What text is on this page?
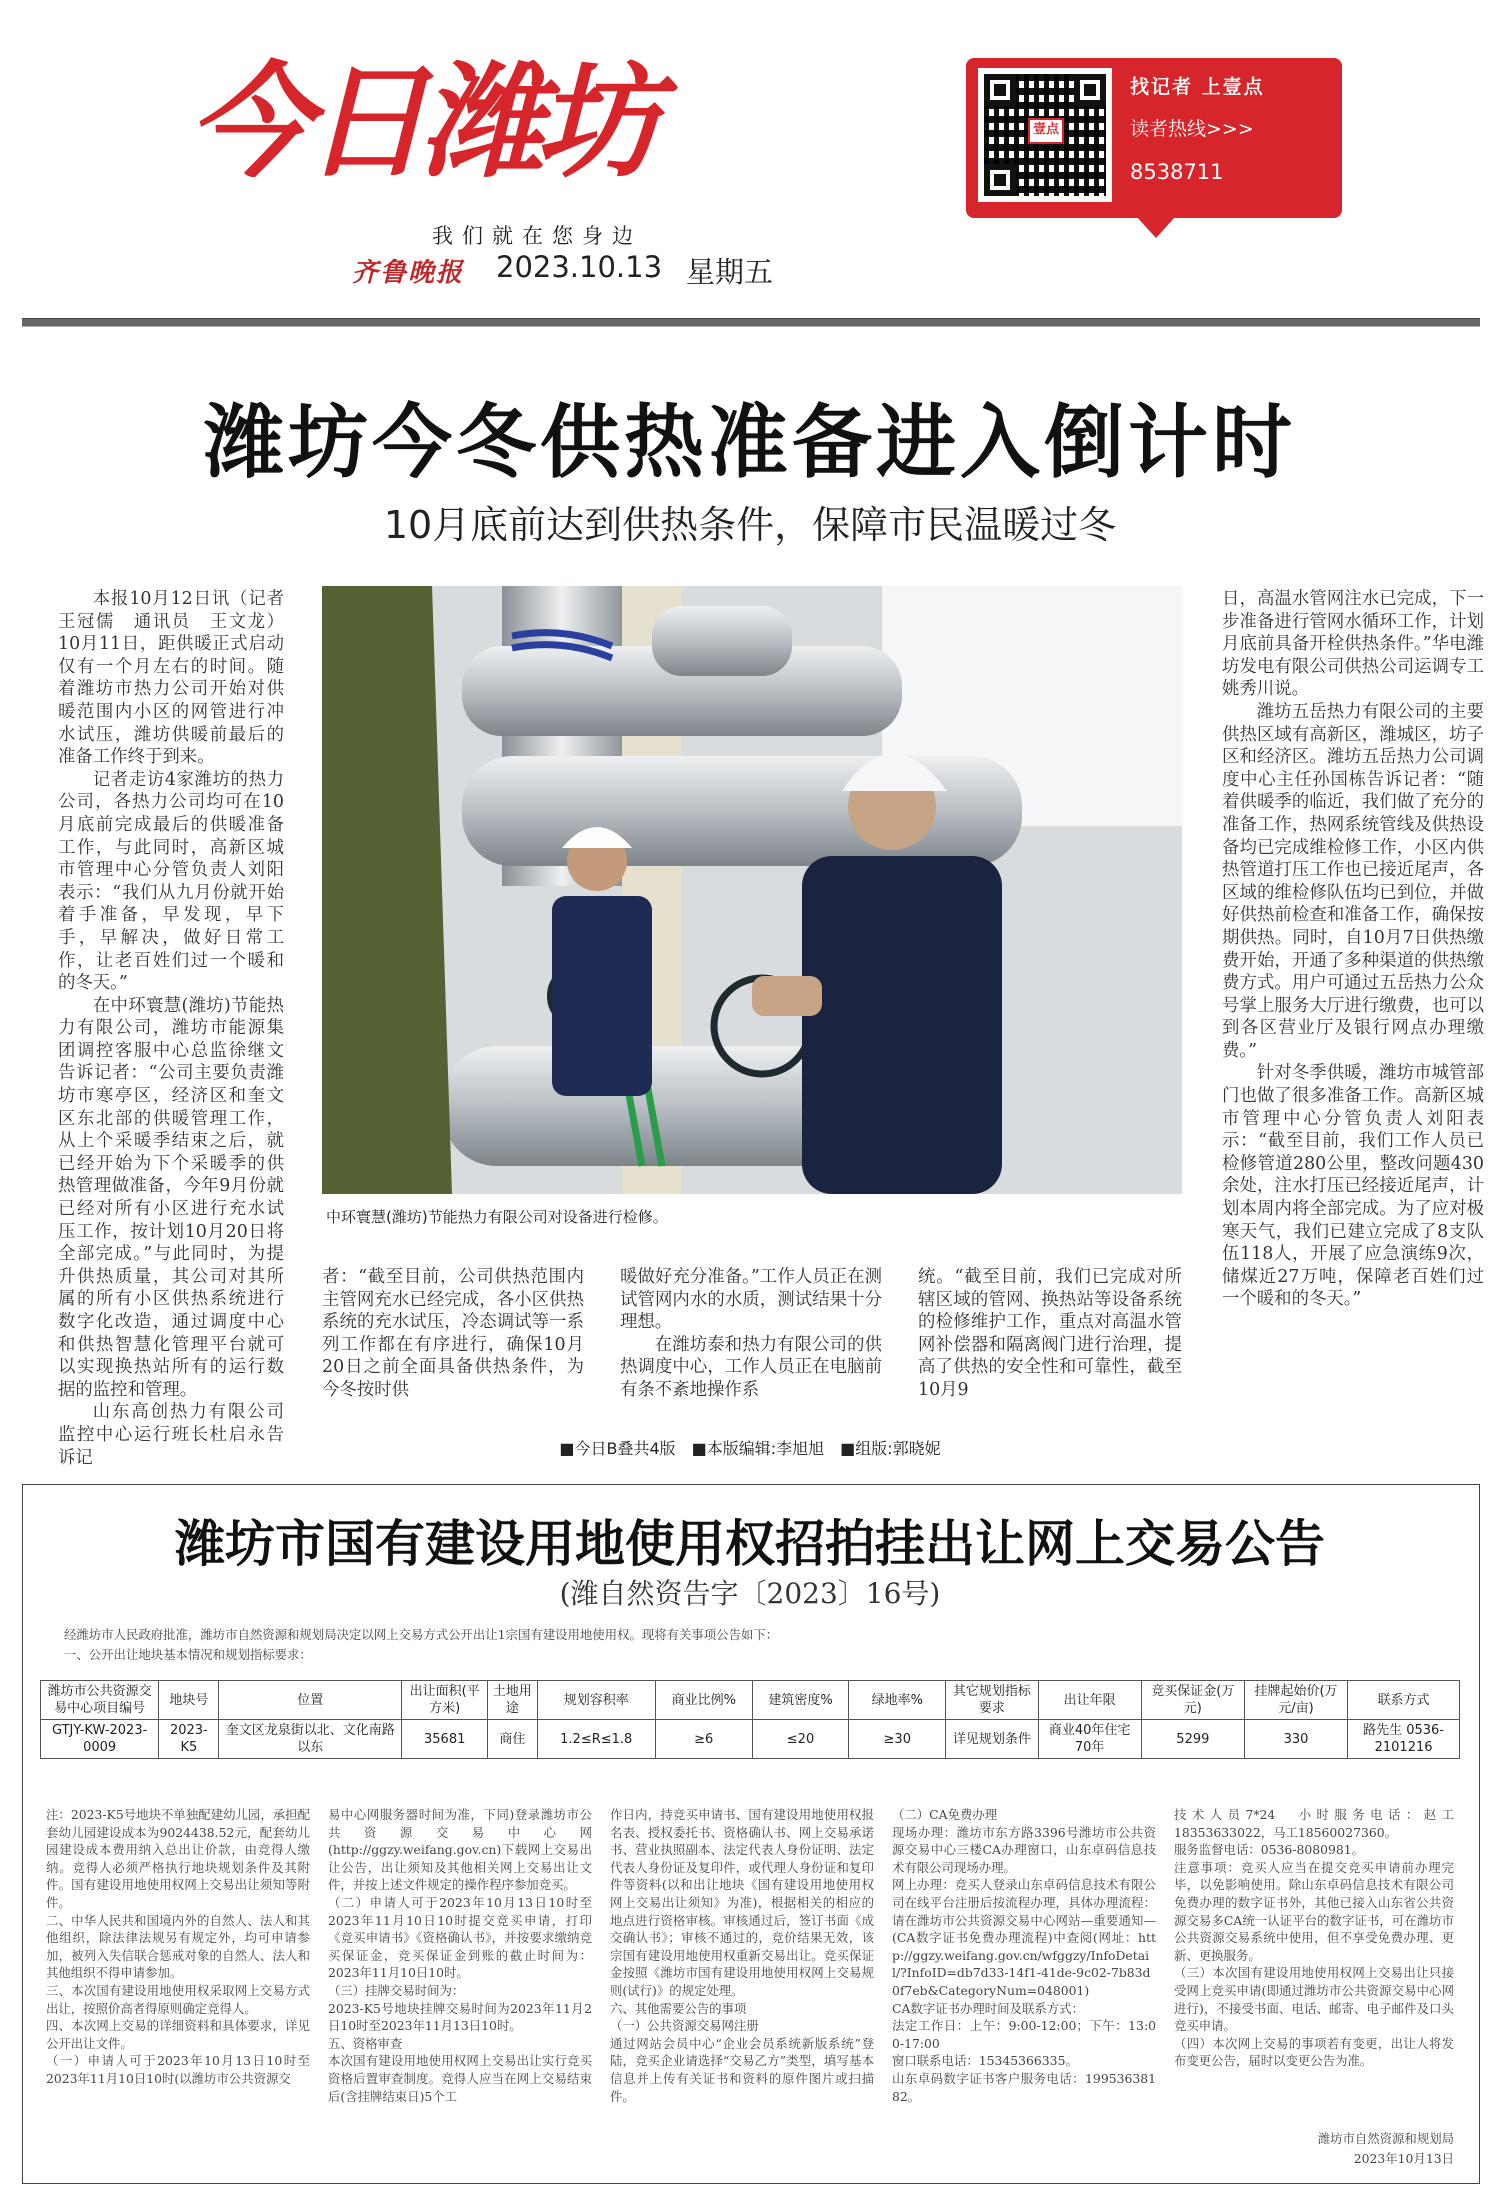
今日潍坊
我们就在您身边
齐鲁晚报 2023.10.13 星期五
壹点
找记者 上壹点
读者热线>>>
8538711
潍坊今冬供热准备进入倒计时
10月底前达到供热条件，保障市民温暖过冬

本报10月12日讯（记者　王冠儒　通讯员　王文龙）10月11日，距供暖正式启动仅有一个月左右的时间。随着潍坊市热力公司开始对供暖范围内小区的网管进行冲水试压，潍坊供暖前最后的准备工作终于到来。

记者走访4家潍坊的热力公司，各热力公司均可在10月底前完成最后的供暖准备工作，与此同时，高新区城市管理中心分管负责人刘阳表示：“我们从九月份就开始着手准备，早发现，早下手，早解决，做好日常工作，让老百姓们过一个暖和的冬天。”

在中环寰慧(潍坊)节能热力有限公司，潍坊市能源集团调控客服中心总监徐继文告诉记者：“公司主要负责潍坊市寒亭区，经济区和奎文区东北部的供暖管理工作，从上个采暖季结束之后，就已经开始为下个采暖季的供热管理做准备，今年9月份就已经对所有小区进行充水试压工作，按计划10月20日将全部完成。”与此同时，为提升供热质量，其公司对其所属的所有小区供热系统进行数字化改造，通过调度中心和供热智慧化管理平台就可以实现换热站所有的运行数据的监控和管理。

山东高创热力有限公司监控中心运行班长杜启永告诉记

中环寰慧(潍坊)节能热力有限公司对设备进行检修。
者：“截至目前，公司供热范围内主管网充水已经完成，各小区供热系统的充水试压，冷态调试等一系列工作都在有序进行，确保10月20日之前全面具备供热条件，为今冬按时供
暖做好充分准备。”工作人员正在测试管网内水的水质，测试结果十分理想。

在潍坊泰和热力有限公司的供热调度中心，工作人员正在电脑前有条不紊地操作系

统。“截至目前，我们已完成对所辖区域的管网、换热站等设备系统的检修维护工作，重点对高温水管网补偿器和隔离阀门进行治理，提高了供热的安全性和可靠性，截至10月9
日，高温水管网注水已完成，下一步准备进行管网水循环工作，计划月底前具备开栓供热条件。”华电潍坊发电有限公司供热公司运调专工姚秀川说。

潍坊五岳热力有限公司的主要供热区域有高新区，潍城区，坊子区和经济区。潍坊五岳热力公司调度中心主任孙国栋告诉记者：“随着供暖季的临近，我们做了充分的准备工作，热网系统管线及供热设备均已完成维检修工作，小区内供热管道打压工作也已接近尾声，各区域的维检修队伍均已到位，并做好供热前检查和准备工作，确保按期供热。同时，自10月7日供热缴费开始，开通了多种渠道的供热缴费方式。用户可通过五岳热力公众号掌上服务大厅进行缴费，也可以到各区营业厅及银行网点办理缴费。”

针对冬季供暖，潍坊市城管部门也做了很多准备工作。高新区城市管理中心分管负责人刘阳表示：“截至目前，我们工作人员已检修管道280公里，整改问题430余处，注水打压已经接近尾声，计划本周内将全部完成。为了应对极寒天气，我们已建立完成了8支队伍118人，开展了应急演练9次，储煤近27万吨，保障老百姓们过一个暖和的冬天。”

■今日B叠共4版　■本版编辑:李旭旭　■组版:郭晓妮
潍坊市国有建设用地使用权招拍挂出让网上交易公告
(潍自然资告字〔2023〕16号)
经潍坊市人民政府批准，潍坊市自然资源和规划局决定以网上交易方式公开出让1宗国有建设用地使用权。现将有关事项公告如下：
一、公开出让地块基本情况和规划指标要求：
潍坊市公共资源交易中心项目编号	地块号	位置	出让面积(平方米)	土地用途	规划容积率	商业比例%	建筑密度%	绿地率%	其它规划指标要求	出让年限	竞买保证金(万元)	挂牌起始价(万元/亩)	联系方式
GTJY-KW-2023-0009	2023-K5	奎文区龙泉街以北、文化南路以东	35681	商住	1.2≤R≤1.8	≥6	≤20	≥30	详见规划条件	商业40年住宅70年	5299	330	路先生 0536-2101216
注：2023-K5号地块不单独配建幼儿园，承担配套幼儿园建设成本为9024438.52元，配套幼儿园建设成本费用纳入总出让价款，由竞得人缴纳。竞得人必须严格执行地块规划条件及其附件。国有建设用地使用权网上交易出让须知等附件。
二、中华人民共和国境内外的自然人、法人和其他组织，除法律法规另有规定外，均可申请参加，被列入失信联合惩戒对象的自然人、法人和其他组织不得申请参加。
三、本次国有建设用地使用权采取网上交易方式出让，按照价高者得原则确定竞得人。
四、本次网上交易的详细资料和具体要求，详见公开出让文件。
（一）申请人可于2023年10月13日10时至2023年11月10日10时(以潍坊市公共资源交
易中心网服务器时间为准，下同)登录潍坊市公共资源交易中心网(http://ggzy.weifang.gov.cn)下载网上交易出让公告，出让须知及其他相关网上交易出让文件，并按上述文件规定的操作程序参加竞买。
（二）申请人可于2023年10月13日10时至2023年11月10日10时提交竞买申请，打印《竞买申请书》《资格确认书》，并按要求缴纳竞买保证金，竞买保证金到账的截止时间为：2023年11月10日10时。
（三）挂牌交易时间为：
2023-K5号地块挂牌交易时间为2023年11月2日10时至2023年11月13日10时。
五、资格审查
本次国有建设用地使用权网上交易出让实行竞买资格后置审查制度。竞得人应当在网上交易结束后(含挂牌结束日)5个工
作日内，持竞买申请书、国有建设用地使用权报名表、授权委托书、资格确认书、网上交易承诺书、营业执照副本、法定代表人身份证明、法定代表人身份证及复印件，或代理人身份证和复印件等资料(以和出让地块《国有建设用地使用权网上交易出让须知》为准)，根据相关的相应的地点进行资格审核。审核通过后，签订书面《成交确认书》；审核不通过的，竞价结果无效，该宗国有建设用地使用权重新交易出让。竞买保证金按照《潍坊市国有建设用地使用权网上交易规则(试行)》的规定处理。
六、其他需要公告的事项
（一）公共资源交易网注册
通过网站会员中心“企业会员系统新版系统”登陆，竞买企业请选择“交易乙方”类型，填写基本信息并上传有关证书和资料的原件图片或扫描件。
（二）CA免费办理
现场办理：潍坊市东方路3396号潍坊市公共资源交易中心三楼CA办理窗口，山东卓码信息技术有限公司现场办理。
网上办理：竞买人登录山东卓码信息技术有限公司在线平台注册后按流程办理，具体办理流程：请在潍坊市公共资源交易中心网站—重要通知—(CA数字证书免费办理流程)中查阅(网址：http://ggzy.weifang.gov.cn/wfggzy/InfoDetail/?InfoID=db7d33-14f1-41de-9c02-7b83d0f7eb&CategoryNum=048001)
CA数字证书办理时间及联系方式：
法定工作日：上午：9:00-12:00；下午：13:00-17:00
窗口联系电话：15345366335。
山东卓码数字证书客户服务电话：19953638182。
技术人员7*24　小时服务电话：赵工18353633022，马工18560027360。
服务监督电话：0536-8080981。
注意事项：竞买人应当在提交竞买申请前办理完毕，以免影响使用。除山东卓码信息技术有限公司免费办理的数字证书外，其他已接入山东省公共资源交易多CA统一认证平台的数字证书，可在潍坊市公共资源交易系统中使用，但不享受免费办理、更新、更换服务。
（三）本次国有建设用地使用权网上交易出让只接受网上竞买申请(即通过潍坊市公共资源交易中心网进行)，不接受书面、电话、邮寄、电子邮件及口头竞买申请。
（四）本次网上交易的事项若有变更，出让人将发布变更公告，届时以变更公告为准。
潍坊市自然资源和规划局
2023年10月13日
